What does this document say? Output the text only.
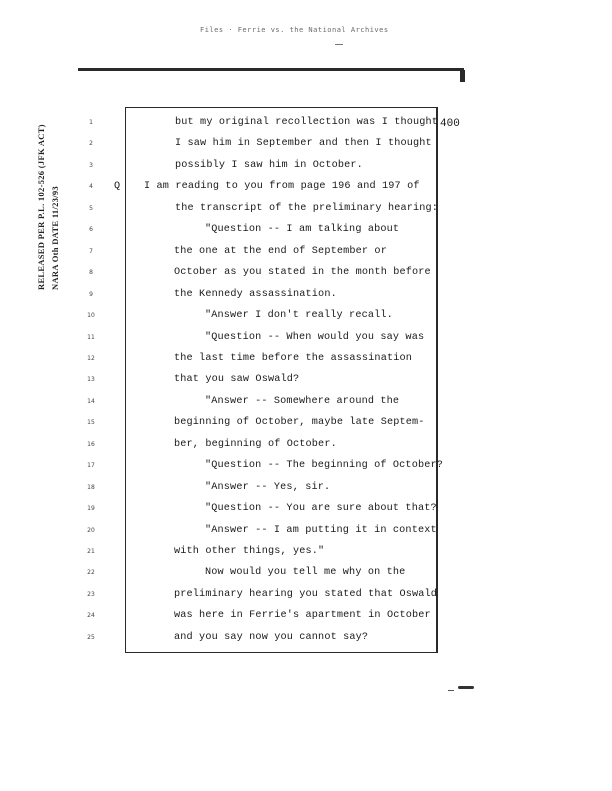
Files · Ferrie vs. the National Archives
400
RELEASED PER P.L. 102-526 (JFK ACT) NARA Oth DATE 11/23/93
1	but my original recollection was I thought
2	I saw him in September and then I thought
3	possibly I saw him in October.
4	Q I am reading to you from page 196 and 197 of
5	the transcript of the preliminary hearing:
6	"Question -- I am talking about
7	the one at the end of September or
8	October as you stated in the month before
9	the Kennedy assassination.
10	"Answer I don't really recall.
11	"Question -- When would you say was
12	the last time before the assassination
13	that you saw Oswald?
14	"Answer -- Somewhere around the
15	beginning of October, maybe late Septem-
16	ber, beginning of October.
17	"Question -- The beginning of October?
18	"Answer -- Yes, sir.
19	"Question -- You are sure about that?
20	"Answer -- I am putting it in context
21	with other things, yes."
22	Now would you tell me why on the
23	preliminary hearing you stated that Oswald
24	was here in Ferrie's apartment in October
25	and you say now you cannot say?
